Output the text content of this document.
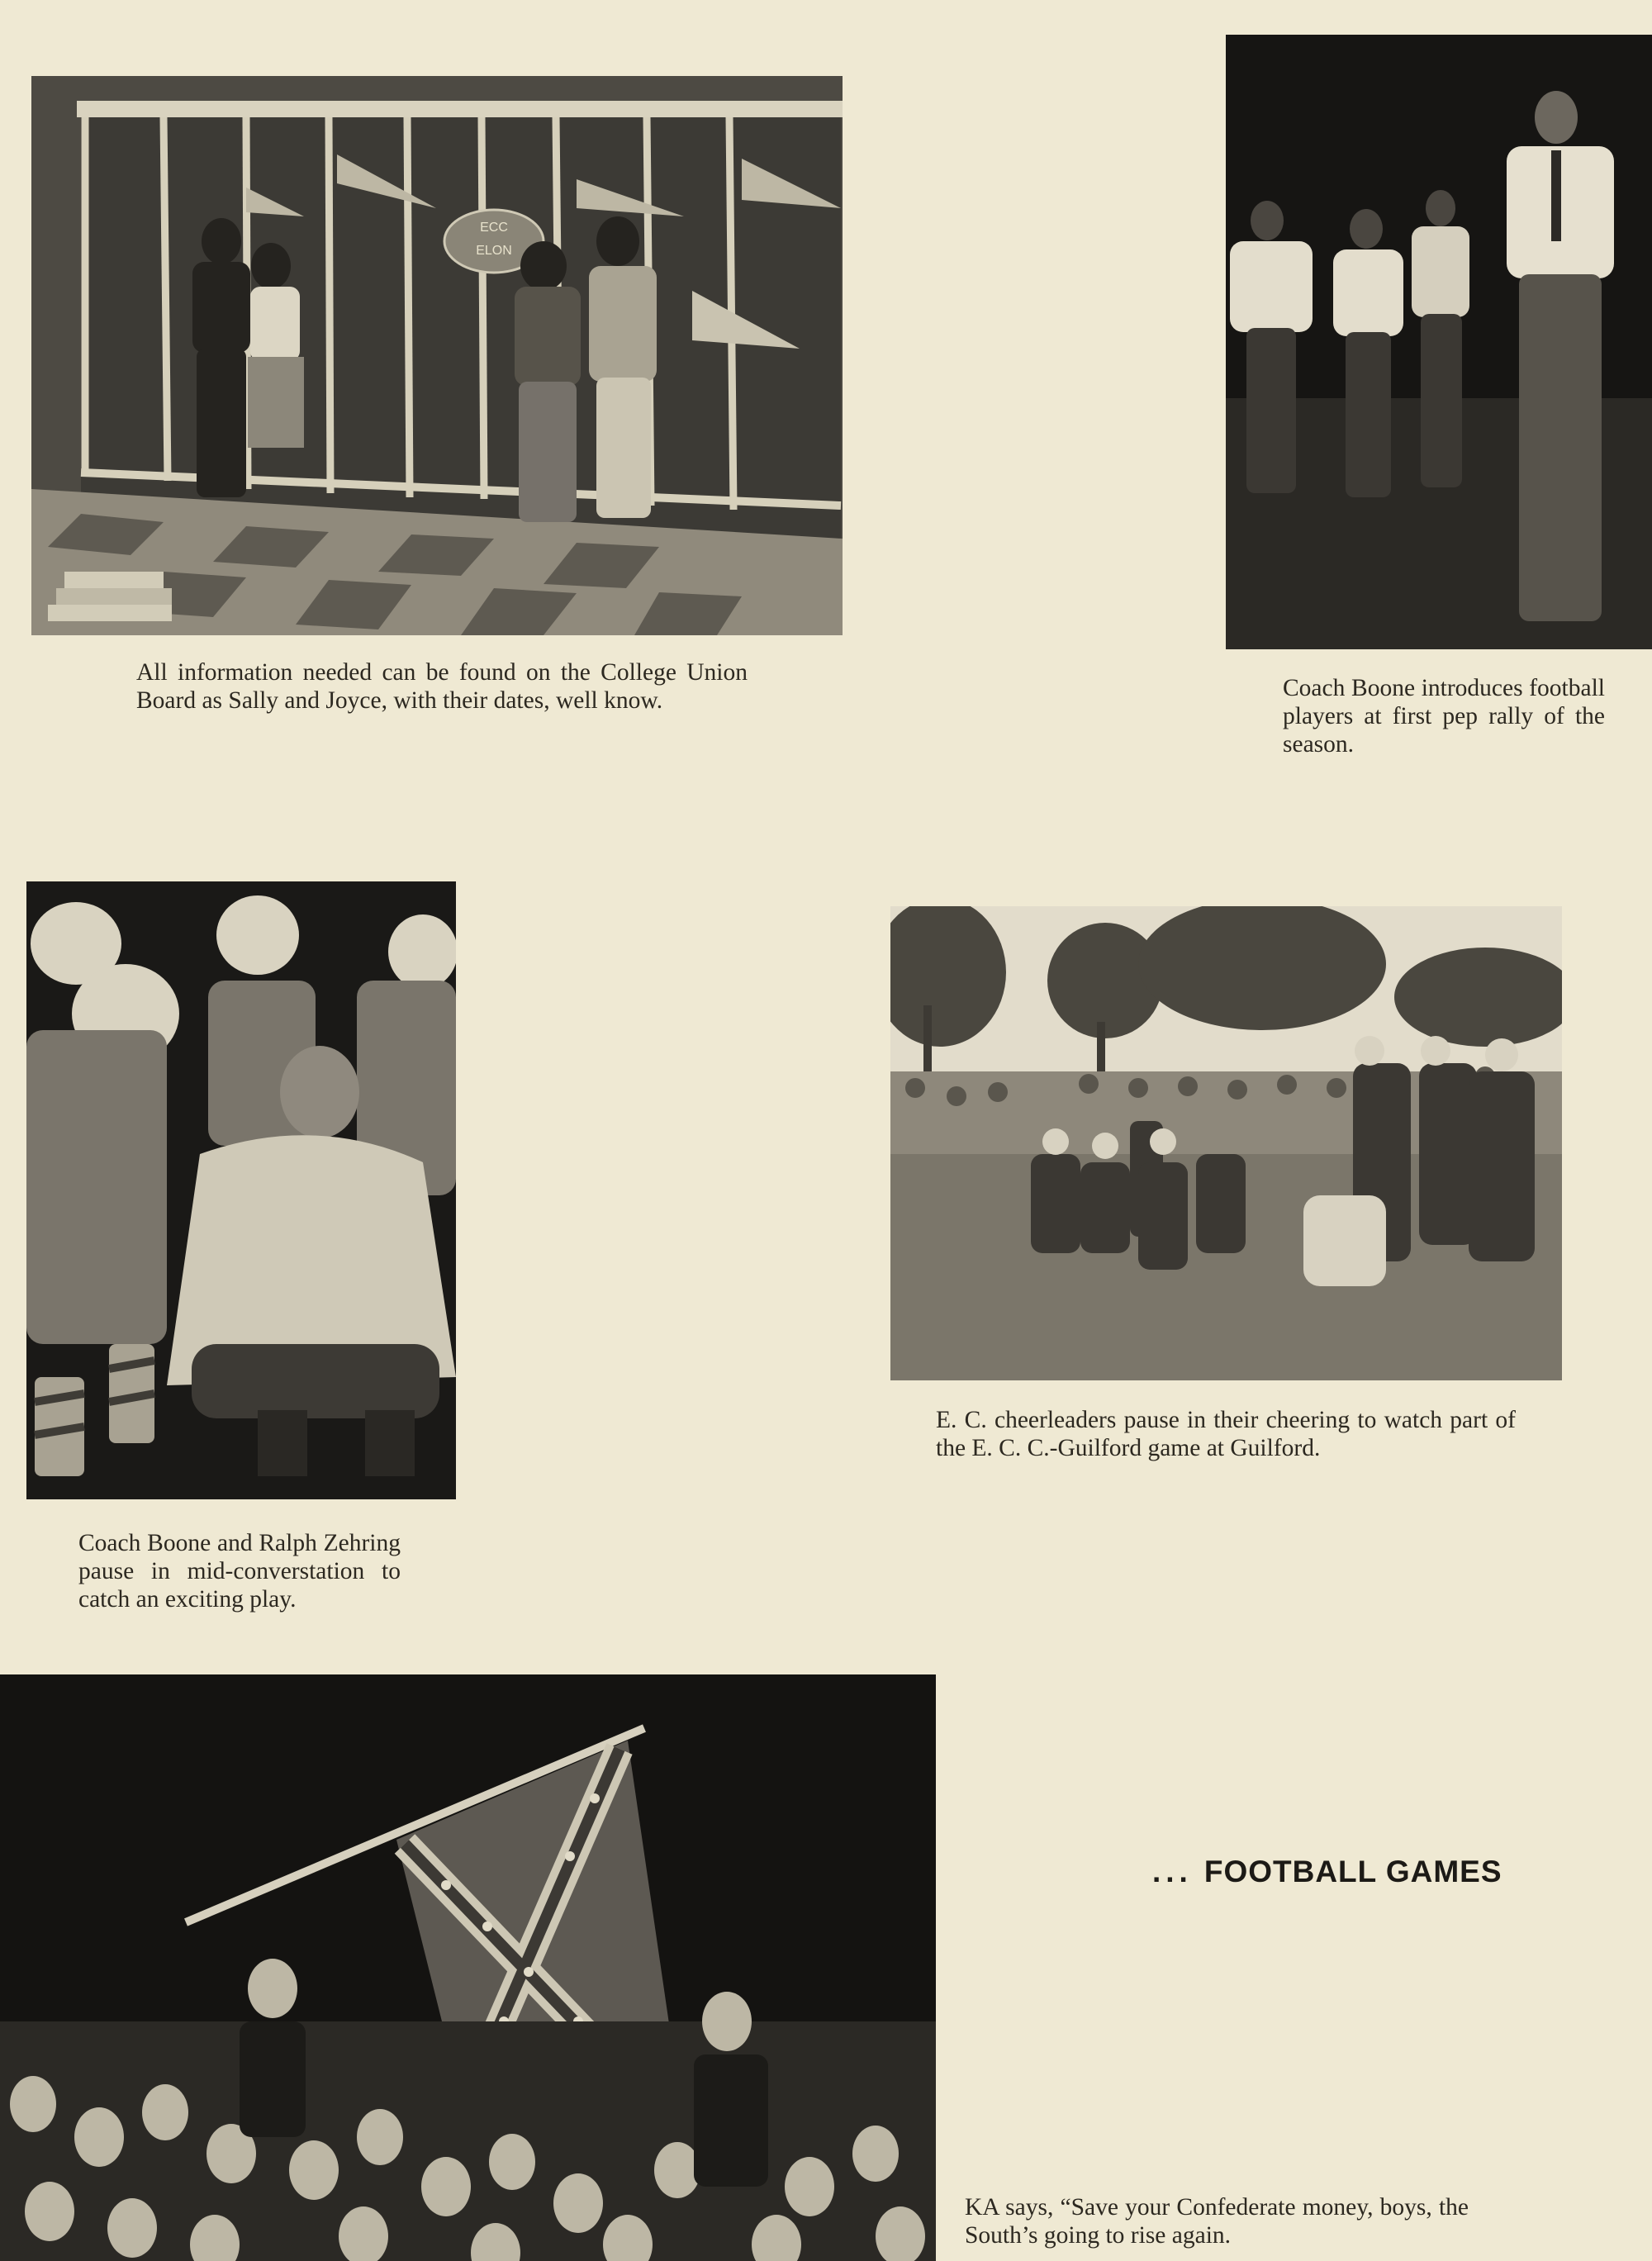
ECC
ELON

All information needed can be found on the College Union Board as Sally and Joyce, with their dates, well know.	Coach Boone introduces football players at first pep rally of the season.

Coach Boone and Ralph Zehring pause in mid-converstation to catch an exciting play.

E. C. cheerleaders pause in their cheering to watch part of the E. C. C.-Guilford game at Guilford.

... FOOTBALL GAMES

KA says, “Save your Confederate money, boys, the South’s going to rise again.
